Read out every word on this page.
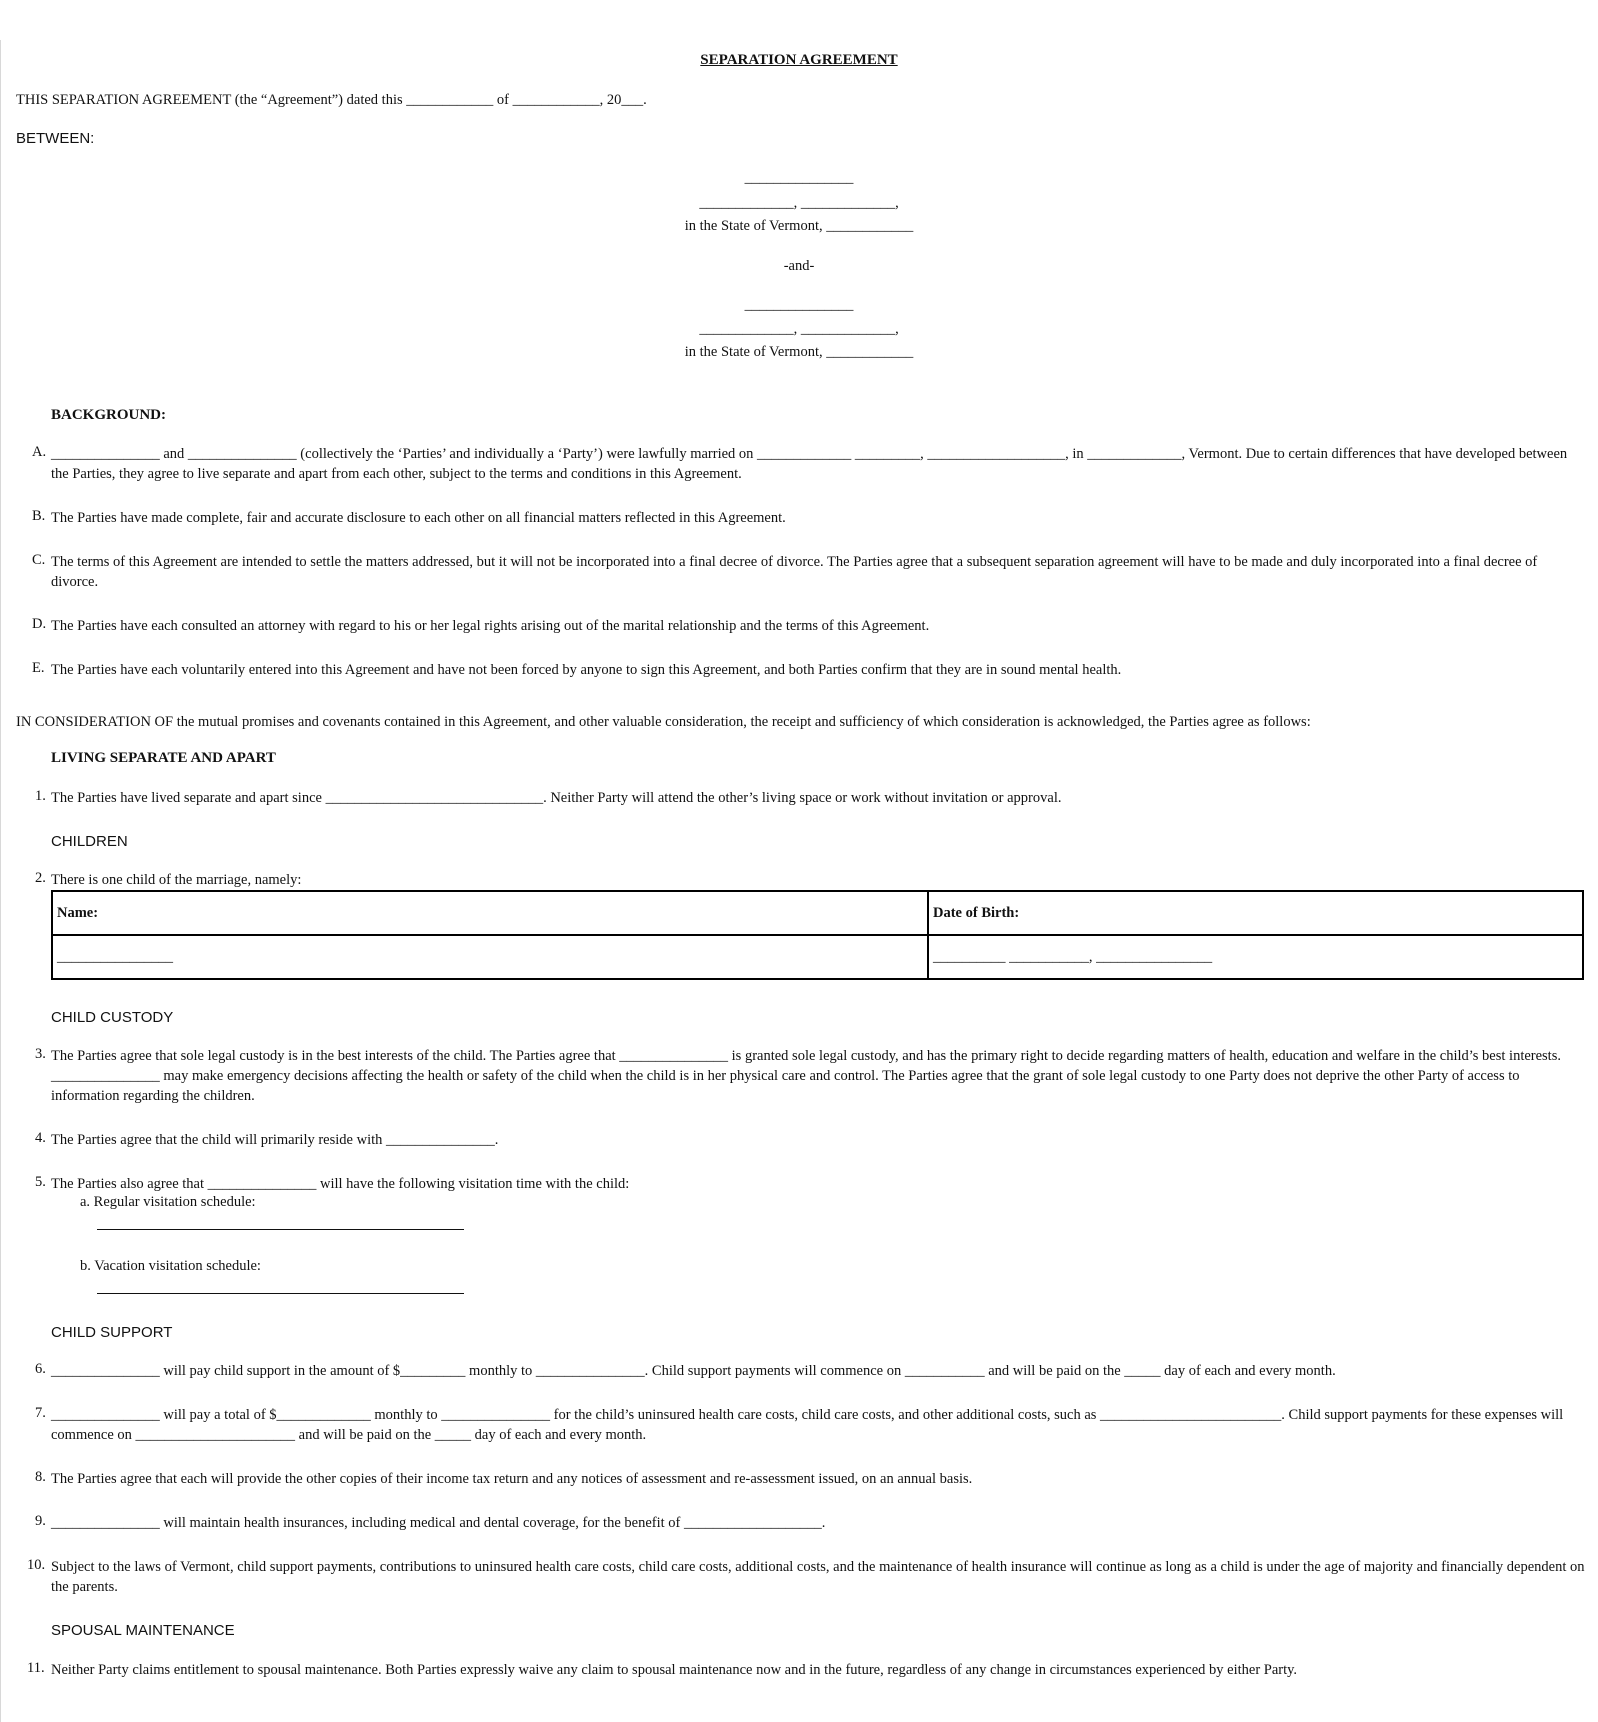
SEPARATION AGREEMENT
THIS SEPARATION AGREEMENT (the “Agreement”) dated this ____________ of ____________, 20___.
BETWEEN:
_______________
_____________, _____________,
in the State of Vermont, ____________
-and-
_______________
_____________, _____________,
in the State of Vermont, ____________
BACKGROUND:
A. _______________ and _______________ (collectively the ‘Parties’ and individually a ‘Party’) were lawfully married on _____________ _________, ___________________, in _____________, Vermont. Due to certain differences that have developed between the Parties, they agree to live separate and apart from each other, subject to the terms and conditions in this Agreement.
B. The Parties have made complete, fair and accurate disclosure to each other on all financial matters reflected in this Agreement.
C. The terms of this Agreement are intended to settle the matters addressed, but it will not be incorporated into a final decree of divorce. The Parties agree that a subsequent separation agreement will have to be made and duly incorporated into a final decree of divorce.
D. The Parties have each consulted an attorney with regard to his or her legal rights arising out of the marital relationship and the terms of this Agreement.
E. The Parties have each voluntarily entered into this Agreement and have not been forced by anyone to sign this Agreement, and both Parties confirm that they are in sound mental health.
IN CONSIDERATION OF the mutual promises and covenants contained in this Agreement, and other valuable consideration, the receipt and sufficiency of which consideration is acknowledged, the Parties agree as follows:
LIVING SEPARATE AND APART
1. The Parties have lived separate and apart since ______________________________. Neither Party will attend the other’s living space or work without invitation or approval.
CHILDREN
2. There is one child of the marriage, namely:
Name:	Date of Birth:
________________	__________ ___________, ________________
CHILD CUSTODY
3. The Parties agree that sole legal custody is in the best interests of the child. The Parties agree that _______________ is granted sole legal custody, and has the primary right to decide regarding matters of health, education and welfare in the child’s best interests. _______________ may make emergency decisions affecting the health or safety of the child when the child is in her physical care and control. The Parties agree that the grant of sole legal custody to one Party does not deprive the other Party of access to information regarding the children.
4. The Parties agree that the child will primarily reside with _______________.
5. The Parties also agree that _______________ will have the following visitation time with the child:
a. Regular visitation schedule:
b. Vacation visitation schedule:
CHILD SUPPORT
6. _______________ will pay child support in the amount of $_________ monthly to _______________. Child support payments will commence on ___________ and will be paid on the _____ day of each and every month.
7. _______________ will pay a total of $_____________ monthly to _______________ for the child’s uninsured health care costs, child care costs, and other additional costs, such as _________________________. Child support payments for these expenses will commence on ______________________ and will be paid on the _____ day of each and every month.
8. The Parties agree that each will provide the other copies of their income tax return and any notices of assessment and re-assessment issued, on an annual basis.
9. _______________ will maintain health insurances, including medical and dental coverage, for the benefit of ___________________.
10. Subject to the laws of Vermont, child support payments, contributions to uninsured health care costs, child care costs, additional costs, and the maintenance of health insurance will continue as long as a child is under the age of majority and financially dependent on the parents.
SPOUSAL MAINTENANCE
11. Neither Party claims entitlement to spousal maintenance. Both Parties expressly waive any claim to spousal maintenance now and in the future, regardless of any change in circumstances experienced by either Party.
